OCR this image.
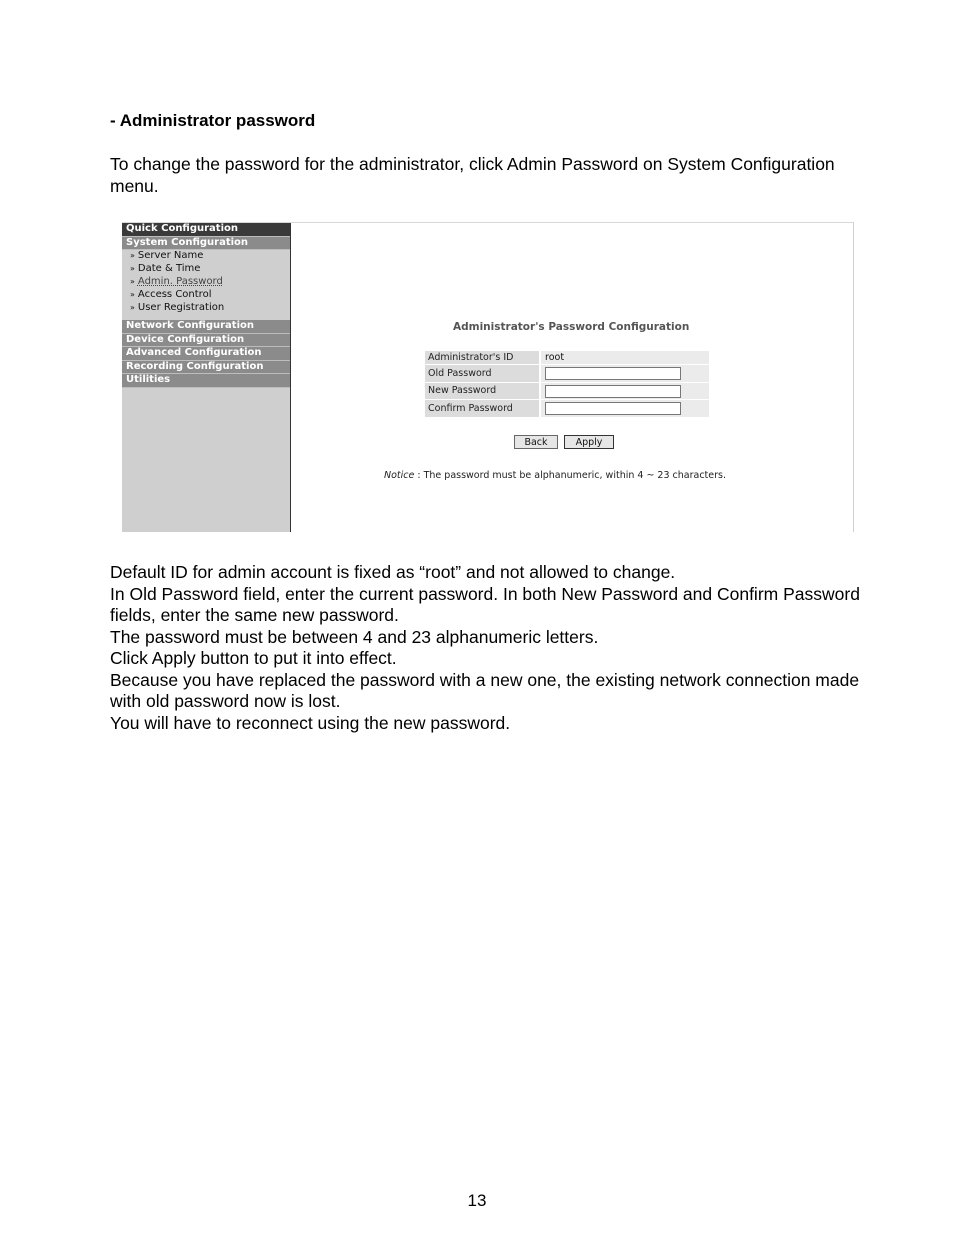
- Administrator password

To change the password for the administrator, click Admin Password on System Configuration menu.

Quick Configuration
System Configuration
» Server Name
» Date & Time
» Admin. Password
» Access Control
» User Registration
Network Configuration
Device Configuration
Advanced Configuration
Recording Configuration
Utilities
Administrator's Password Configuration
Administrator's ID	root
Old Password	
New Password	
Confirm Password	
Back	Apply
Notice : The password must be alphanumeric, within 4 ~ 23 characters.
Default ID for admin account is fixed as “root” and not allowed to change.
In Old Password field, enter the current password. In both New Password and Confirm Password fields, enter the same new password.
The password must be between 4 and 23 alphanumeric letters.
Click Apply button to put it into effect.
Because you have replaced the password with a new one, the existing network connection made with old password now is lost.
You will have to reconnect using the new password.
13
